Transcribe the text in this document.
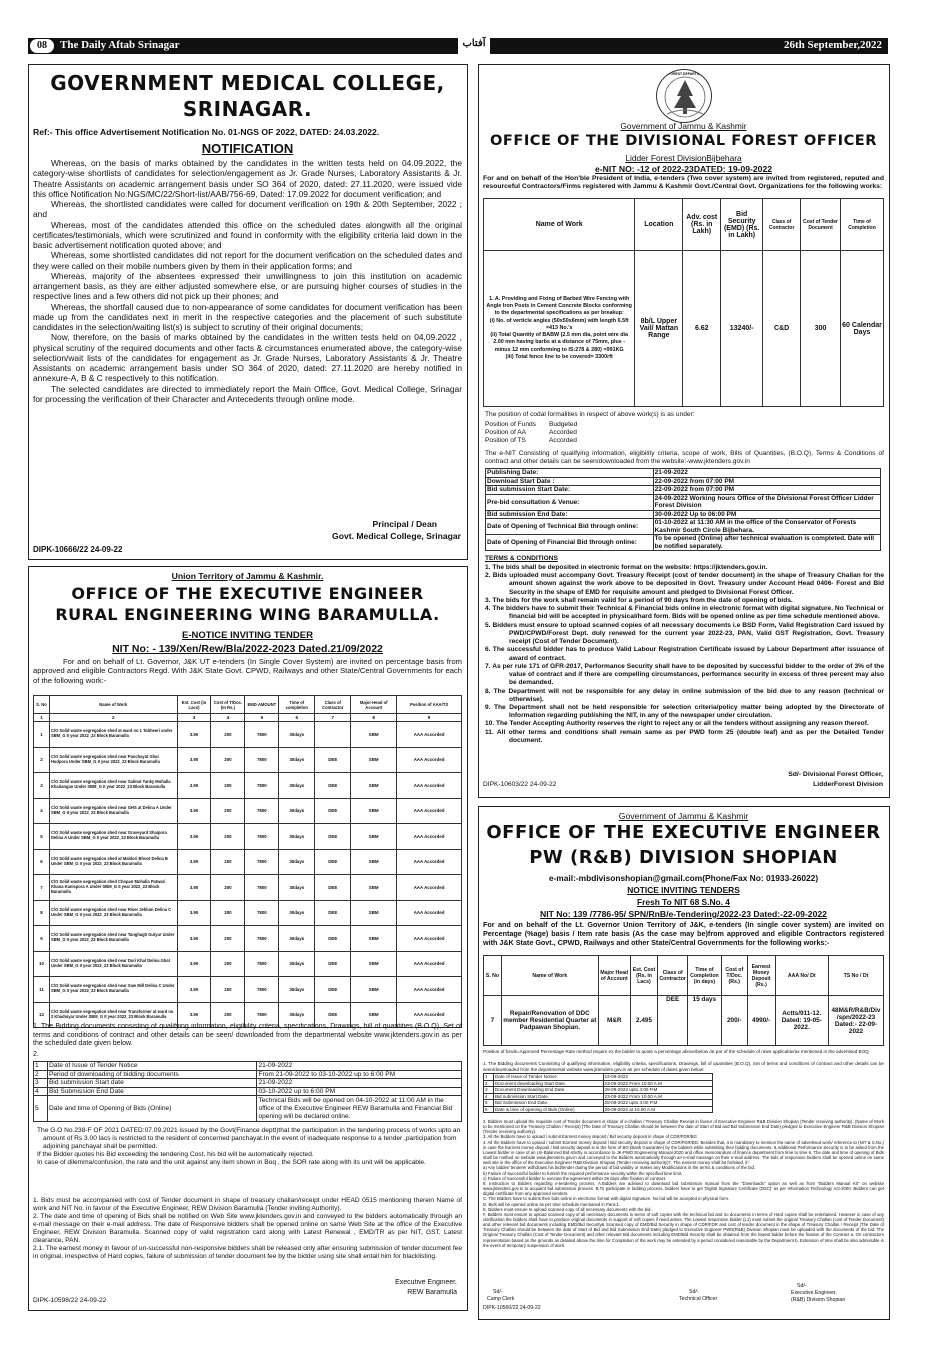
08	The Daily Aftab Srinagar	آفتاب	26th September,2022
GOVERNMENT MEDICAL COLLEGE,
SRINAGAR.
Ref:- This office Advertisement Notification No. 01-NGS OF 2022, DATED: 24.03.2022.
NOTIFICATION

Whereas, on the basis of marks obtained by the candidates in the written tests held on 04.09.2022, the category-wise shortlists of candidates for selection/engagement as Jr. Grade Nurses, Laboratory Assistants & Jr. Theatre Assistants on academic arrangement basis under SO 364 of 2020, dated: 27.11.2020, were issued vide this office Notification No.NGS/MC/22/Short-list/AAB/756-69, Dated: 17.09.2022 for document verification; and

Whereas, the shortlisted candidates were called for document verification on 19th & 20th September, 2022 ; and

Whereas, most of the candidates attended this office on the scheduled dates alongwith all the original certificates/testimonials, which were scrutinized and found in conformity with the eligibility criteria laid down in the basic advertisement notification quoted above; and

Whereas, some shortlisted candidates did not report for the document verification on the scheduled dates and they were called on their mobile numbers given by them in their application forms; and

Whereas, majority of the absentees expressed their unwillingness to join this institution on academic arrangement basis, as they are either adjusted somewhere else, or are pursuing higher courses of studies in the respective lines and a few others did not pick up their phones; and

Whereas, the shortfall caused due to non-appearance of some candidates for document verification has been made up from the candidates next in merit in the respective categories and the placement of such substitute candidates in the selection/waiting list(s) is subject to scrutiny of their original documents;

Now, therefore, on the basis of marks obtained by the candidates in the written tests held on 04,09.2022 , physical scrutiny of the required documents and other facts & circumstances enumerated above, the category-wise selection/wait lists of the candidates for engagement as Jr. Grade Nurses, Laboratory Assistants & Jr. Theatre Assistants on academic arrangement basis under SO 364 of 2020, dated: 27.11.2020 are hereby notified in annexure-A, B & C respectively to this notification.

The selected candidates are directed to immediately report the Main Office, Govt. Medical College, Srinagar for processing the verification of their Character and Antecedents through online mode.

Principal / Dean
Govt. Medical College, Srinagar
DIPK-10666/22 24-09-22
Union Territory of Jammu & Kashmir.
OFFICE OF THE EXECUTIVE ENGINEER
RURAL ENGINEERING WING BARAMULLA.
E-NOTICE INVITING TENDER
NIT No: - 139/Xen/Rew/Bla/2022-2023 Dated.21/09/2022
For and on behalf of Lt. Governor, J&K UT e-tenders (In Single Cover System) are invited on percentage basis from approved and eligible Contractors Regd. With J&K State Govt. CPWD, Railways and other State/Central Governments for each of the following work:-
S. No	Name of Work	Est. Cost (in Lacs)	Cost of T/Doc. (In Rs.)	EMD AMOUNT	Time of completion	Class of Contractor	Major Head of Account	Position of AAA/TS
1	2	3	4	5	6	7	8	9
1	C/O Solid waste segregation shed at ward no 1 Tahheeri under SBM_G II year 2022_23 Block Baramulla	3.90	200	7800	30days		SBM	AAA Accorded
2	C/O Solid waste segregation shed near Panchayat Ghar Hudpora Under SBM_G II year 2022_23 Block Baramulla	3.90	200	7800	30days	DEE	SBM	AAA Accorded
3	C/O Solid waste segregation shed near Salmut Tanky Mohalla Khaitangan Under SBM_G II year 2022_23 Block Baramulla	3.90	200	7800	30days	DEE	SBM	AAA Accorded
4	C/O Solid waste segregation shed near GHS at Delina A Under SBM_G II year 2022_23 Block Baramulla	3.90	200	7800	30days	DEE	SBM	AAA Accorded
5	C/O Solid waste segregation shed near Graveyard Shaipora Delina A Under SBM_G II year 2022_23 Block Baramulla	3.90	200	7800	30days	DEE	SBM	AAA Accorded
6	C/O Solid waste segregation shed at Maldori Bhoot Delina B Under SBM_G II year 2022_23 Block Baramulla	3.90	200	7800	30days	DEE	SBM	AAA Accorded
7	C/O Solid waste segregation shed Chopan Mohalla Patwari Khana Kanispora A Under SBM_G II year 2022_23 Block Baramulla	3.90	200	7800	30days	DEE	SBM	AAA Accorded
8	C/O Solid waste segregation shed near River Jehlum Delina C Under SBM_G II year 2022_23 Block Baramulla	3.90	200	7800	30days	DEE	SBM	AAA Accorded
9	C/O Solid waste segregation shed near Tanghagh Gutyar Under SBM_G II year 2022_23 Block Baramulla	3.90	200	7800	30days	DEE	SBM	AAA Accorded
10	C/O Solid waste segregation shed near Dori Khal Delina Ghat Under SBM_G II year 2022_23 Block Baramulla	3.90	200	7800	30days	DEE	SBM	AAA Accorded
11	C/O Solid waste segregation shed near Saw Mill Delina C Under SBM_G II year 2022_23 Block Baramulla	3.90	200	7800	30days	DEE	SBM	AAA Accorded
12	C/O Solid waste segregation shed near Transformer at ward no 2 Khadniyar Under SBM_G II year 2022_23 Block Baramulla	3.90	200	7800	30days	DEE	SBM	AAA Accorded
1. The Bidding documents consisting of qualifying information, eligibility criteria, specifications, Drawings, bill of quantities (B.O.Q), Set of terms and conditions of contract and other details can be seen/ downloaded from the departmental website www.jktenders.gov.in as per the scheduled date given below.
2.
1	Date of Issue of Tender Notice	21-09-2022
2	Period of downloading of bidding documents	From 21-09-2022 to 03-10-2022 up to 6:00 PM
3	Bid submission Start date	21-09-2022
4	Bid Submission End Date	03-10-2022 up to 6:00 PM
5	Date and time of Opening of Bids (Online)	Technical Bids will be opened on 04-10-2022 at 11:00 AM in the office of the Executive Engineer REW Baramulla and Financial Bid opening will be declared online.

The G.O No.238-F OF 2021 DATED:07.09.2021 issued by the Govt(Finance deptt)that the participation in the tendering process of works upto an amount of Rs 3.00 lacs is restricted to the resident of concerned panchayat.In the event of inadequate response to a tender ,participation from adjoining panchayat shall be permitted.

If the Bidder quotes his Bid exceeding the tendering Cost, his bid will be automatically rejected.

In case of dilemma/confusion, the rate and the unit against any item shown in Boq , the SOR rate along with its unit will be applicable.

1. Bids must be accompanied with cost of Tender document in shape of treasury challan/receipt under HEAD 0515 mentioning therein Name of work and NIT No. in favour of the Executive Engineer, REW Division Baramulla (Tender inviting Authority).

2. The date and time of opening of Bids shall be notified on Web Site www.jktenders.gov.in and conveyed to the bidders automatically through an e-mail message on their e-mail address. The date of Responsive bidders shall be opened online on same Web Site at the office of the Executive Engineer, REW Division Baramulla. Scanned copy of valid registration card along with Latest Renewal , EMD/TR as per NIT, GST, Latest clearance, PAN.

2.1. The earnest money in favour of un-successful non-responsive bidders shall be released only after ensuring submission of tender document fee in original, irrespective of Hard copies, failure of submission of tender document fee by the bidder using site shall entail him for blacklisting.

Executive Engineer.
REW Baramulla
DIPK-10598/22 24-09-22
J&K FOREST DEPARTMENT
Government of Jammu & Kashmir
OFFICE OF THE DIVISIONAL FOREST OFFICER
Lidder Forest DivisionBijbehara
e-NIT NO: -12 of 2022-23DATED: 19-09-2022
For and on behalf of the Hon'ble President of India, e-tenders (Two cover system) are invited from registered, reputed and resourceful Contractors/Firms registered with Jammu & Kashmir Govt./Central Govt. Organizations for the following works:
Name of Work	Location	Adv. cost (Rs. in Lakh)	Bid Security (EMD) (Rs. in Lakh)	Class of Contractor	Cost of Tender Document	Time of Completion
1. A. Providing and Fixing of Barbed Wire Fencing with Angle Iron Posts in Cement Concrete Blocks conforming to the departmental specifications as per breakup:
(i) No. of verticle angles (50x50x6mm) with length 6.5ft =413 No.'s
(ii) Total Quantity of BABW (2.5 mm dia, point wire dia 2.00 mm having barbs at a distance of 75mm, plus - minus 12 mm conforming to IS:278 & 280) =991KG
(iii) Total fence line to be covered= 3300rft	8b/L Upper Vail/ Mattan Range	6.62	13240/-	C&D	300	60 Calendar Days
The position of codal formalities in respect of above work(s) is as under:
Position of Funds	Budgeted
Position of AA	Accorded
Position of TS	Accorded
The e-NIT Consisting of qualifying information, eligibility criteria, scope of work, Bills of Quantities, (B.O.Q), Terms & Conditions of contract and other details can be seen/downloaded from the website:-www.jktenders.gov.in
Publishing Date:	21-09-2022
Download Start Date :	22-09-2022 from 07:00 PM
Bid submission Start Date:	22-09-2022 from 07:00 PM
Pre-bid consultation & Venue:	24-09-2022 Working hours Office of the Divisional Forest Officer Lidder Forest Division
Bid submission End Date:	30-09-2022 Up to 06:00 PM
Date of Opening of Technical Bid through online:	01-10-2022 at 11:30 AM in the office of the Conservator of Forests Kashmir South Circle Bijbehara.
Date of Opening of Financial Bid through online:	To be opened (Online) after technical evaluation is completed. Date will be notified separately.
TERMS & CONDITIONS

1. The bids shall be deposited in electronic format on the website: https://jktenders.gov.in.

2. Bids uploaded must accompany Govt. Treasury Receipt (cost of tender document) in the shape of Treasury Challan for the amount shown against the work above to be deposited in Govt. Treasury under Account Head 0406- Forest and Bid Security in the shape of EMD for requisite amount and pledged to Divisional Forest Officer.

3. The bids for the work shall remain valid for a period of 90 days from the date of opening of bids.

4. The bidders have to submit their Technical & Financial bids online in electronic format with digital signature. No Technical or financial bid will be accepted in physical/hard form. Bids will be opened online as per time schedule mentioned above.

5. Bidders must ensure to upload scanned copies of all necessary documents i.e BSD Form, Valid Registration Card issued by PWD/CPWD/Forest Dept. duly renewed for the current year 2022-23, PAN, Valid GST Registration, Govt. Treasury receipt (Cost of Tender Document).

6. The successful bidder has to produce Valid Labour Registration Certificate issued by Labour Department after issuance of award of contract.

7. As per rule 171 of GFR-2017, Performance Security shall have to be deposited by successful bidder to the order of 3% of the value of contract and if there are compelling circumstances, performance security in excess of three percent may also be demanded.

8. The Department will not be responsible for any delay in online submission of the bid due to any reason (technical or otherwise).

9. The Department shall not be held responsible for selection criteria/policy matter being adopted by the Directorate of Information regarding publishing the NIT, in any of the newspaper under circulation.

10. The Tender Accepting Authority reserves the right to reject any or all the tenders without assigning any reason thereof.

11. All other terms and conditions shall remain same as per PWD form 25 (double leaf) and as per the Detailed Tender document.

Sd/- Divisional Forest Officer,
LidderForest Division
DIPK-10603/22 24-09-22
Government of Jammu & Kashmir
OFFICE OF THE EXECUTIVE ENGINEER
PW (R&B) DIVISION SHOPIAN
e-mail:-mbdivisonshopian@gmail.com(Phone/Fax No: 01933-26022)
NOTICE INVITING TENDERS
Fresh To NIT 68 S.No. 4
NIT No: 139 /7786-95/ SPN/RnB/e-Tendering/2022-23 Dated:-22-09-2022
For and on behalf of the Lt. Governor Union Territory of J&K, e-tenders (In single cover system) are invited on Percentage (%age) basis / Item rate basis (As the case may be)from approved and eligible Contractors registered with J&K State Govt., CPWD, Railways and other State/Central Governments for the following works:-
S. No	Name of Work	Major Head of Account	Est. Cost (Rs. in Lacs)	Class of Contractor	Time of Completion (in days)	Cost of T/Doc. (Rs.)	Earnest Money Deposit (Rs.)	AAA No/ Dt	TS No / Dt
7	Repair/Renovation of DDC member Residential Quarter at Padpawan Shopian.	M&R	2.495	DEE	15 days	200/-	4990/-	Actts/911-12. Dated: 19-05-2022.	48M&R/R&B/Div /spn/2022-23 Dated:- 22-09-2022
Position of funds=Approved Percentage Rate method require ex the bidder to quote a percentage above/below /at par of the schedule of rates applicable/as mentioned in the advertised BOQ
1. The Bidding documents Consisting of qualifying information, eligibility criteria, specifications, Drawings, bill of quantities (B.O.Q), Set of terms and conditions of contract and other details can be seen/downloaded from the departmental website www.jktenders.gov.in as per schedule of dates given below:
1	Date of Issue of Tender Notice	22-09-2022
2	Document downloading Start Date.	23-09-2022 From 10.00 A.M
3	Document Downloading End Date.	28-09-2022 upto 4:00 P.M
4	Bid submission Start Date.	23-09-2022 From 10.00 A.M
5	Bid Submission End Date.	28-09-2022 upto 4:00 P.M
6	Date & time of opening of Bids (Online)	29-09-2022 at 10.00 A.M
2. Bidders must upload the requisite cost of Tender document in shape of e-challan / Treasury Challan Receipt in favour of Executive Engineer R&B Division Shopian (Tender receiving authority). (Name of Work to be mentioned on the Treasury Challan / Receipt) (The Date of Treasury Challan should be between the date of Start of Bid and Bid Submission End Date) pledged to Executive Engineer R&B Division Shopian (Tender receiving authority).
3. All the Bidders have to upload / submit Earnest money deposit / Bid security deposit in shape of CDR/FDR/BG
4. All the Bidders have to upload / submit Earnest money deposit / Bid security deposit in shape of CDR/FDR/BG. Besides that, it is mandatory to mention the name of advertised work/ reference to (NIT & S.No.) in case the Earnest money deposit / Bid security deposit is in the form of BG (Bank Guarantee) by the bidders while submitting their bidding documents. 5.Additional Performance Security is to be asked from the Lowest bidder in case of an Un-Balanced Bid strictly in accordance to JK-PWD Engineering Manual-2020 and office memorandum of finance department from time to time 6. The date and time of opening of Bids shall be notified on website www.jktenders.gov.in and conveyed to the Bidders automatically through an e-mail message on their e-mail address. The bids of responsive bidders shall be opened online on same web site in the office of the Executive Engineer R&B Division Shopian (Tender receiving authority)7. The earnest money shall be forfeited, if:-
a) Any bidder/ tenderer withdraws his bid/tender during the period of bid validity or makes any Modifications in the terms & conditions of the bid.
b) Failure of Successful bidder to furnish the required performance security within the specified time limit.
c) Failure of Successful bidder to execute the agreement within 28 days after fixation of contract.
8. Instruction to bidders regarding e-tendering process. A.Bidders are advised to download bid submission manual from the "Downloads" option as well as from "Bidders Manual Kit" on website www.jktenders.gov.in to acquaint bid submission process. B.To participate in bidding process, bidders have to get 'Digital Signature Certificate (DSC)' as per Information Technology Act-2000. Bidders can get digital certificate from any approved venders.
C. The Bidders have to submit their bids online in electronic format with digital Signature. No bid will be accepted in physical form.
D. Bids will be opened online as per time schedule mentioned in Para-1.
E. Bidders must ensure to upload scanned copy of all necessary documents with the bid..
F. Bidders must ensure to upload scanned copy of all necessary documents in terms of soft copies with the technical bid and no documents in terms of Hard copies shall be entertained. However in case of any clarification the bidders shall have to produce original documents in support of soft copies if need arises. The Lowest responsive bidder (L1) must submit the original Treasury Challan (cost of Tender Document) and other relevant bid documents including EMD/Bid Security& Scanned copy of EMD/Bid Security in shape of CDR/FDR and cost of tender document in the shape of Treasury Challan / Receipt (The Date of Treasury Challan should be between the date of Start of Bid and Bid Submission End Date) pledged to Executive Engineer PWD(R&B) Division Shopian must be uploaded with the documents of the bid. The Original Treasury Challan (Cost of Tender Document) and other relevant Bid documents including EMD/Bid Security shall be obtained from the lowest bidder before the fixation of the Contract a. On contractors representation based on the grounds as detailed above the time for Completion of the work may be extended by a period considered reasonable by the Department b. Extension of time shall be also admissible in the event of temporary suspension of work.
Sd/-
Camp Clerk
Sd/-
Technical Officer
Sd/-
Executive Engineer,
(R&B) Division Shopian
DIPK-10560/22 24-09-22
